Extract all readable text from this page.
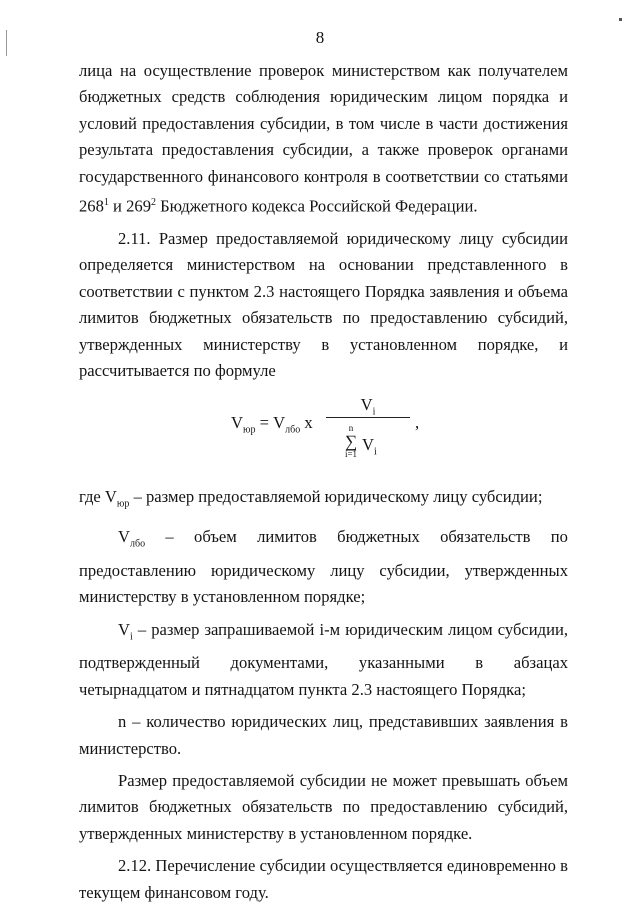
8

лица на осуществление проверок министерством как получателем бюджетных средств соблюдения юридическим лицом порядка и условий предоставления субсидии, в том числе в части достижения результата предоставления субсидии, а также проверок органами государственного финансового контроля в соответствии со статьями $268^1$ и $269^2$ Бюджетного кодекса Российской Федерации.

2.11. Размер предоставляемой юридическому лицу субсидии определяется министерством на основании представленного в соответствии с пунктом 2.3 настоящего Порядка заявления и объема лимитов бюджетных обязательств по предоставлению субсидий, утвержденных министерству в установленном порядке, и рассчитывается по формуле

$V_{юр} = V_{лбо}$ x
$V_i$
n
∑
i=1 $V_i$
,

где $V_{юр}$ – размер предоставляемой юридическому лицу субсидии;

$V_{лбо}$ – объем лимитов бюджетных обязательств по предоставлению юридическому лицу субсидии, утвержденных министерству в установленном порядке;

$V_i$ – размер запрашиваемой i-м юридическим лицом субсидии, подтвержденный документами, указанными в абзацах четырнадцатом и пятнадцатом пункта 2.3 настоящего Порядка;

n – количество юридических лиц, представивших заявления в министерство.

Размер предоставляемой субсидии не может превышать объем лимитов бюджетных обязательств по предоставлению субсидий, утвержденных министерству в установленном порядке.

2.12. Перечисление субсидии осуществляется единовременно в текущем финансовом году.
